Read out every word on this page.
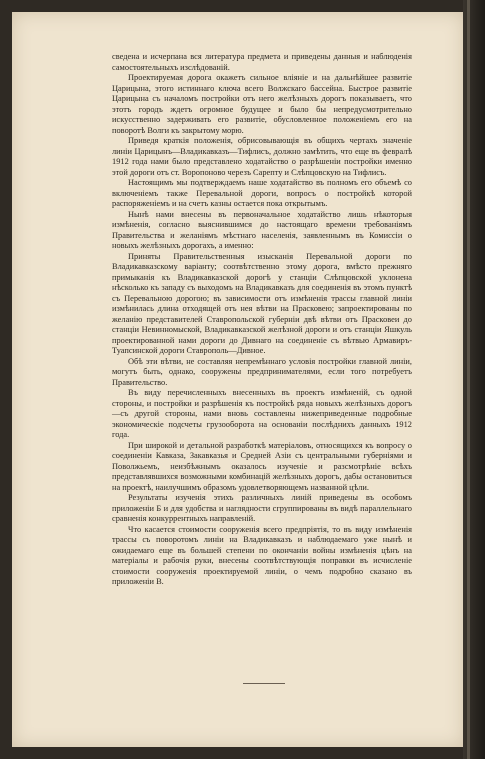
сведена и исчерпана вся литература предмета и приведены данныя и наблюденія самостоятельныхъ изслѣдованій.

Проектируемая дорога окажетъ сильное вліяніе и на дальнѣйшее развитіе Царицына, этого истиннаго ключа всего Волжскаго бассейна. Быстрое развитіе Царицына съ началомъ постройки отъ него желѣзныхъ дорогъ показываетъ, что этотъ городъ ждетъ огромное будущее и было бы непредусмотрительно искусственно задерживать его развитіе, обусловленное положеніемъ его на поворотѣ Волги къ закрытому морю.

Приведя краткія положенія, обрисовывающія въ общихъ чертахъ значеніе линіи Царицынъ—Владикавказъ—Тифлисъ, должно замѣтить, что еще въ февралѣ 1912 года нами было представлено ходатайство о разрѣшеніи постройки именно этой дороги отъ ст. Воропоново черезъ Сарепту и Слѣпцовскую на Тифлисъ.

Настоящимъ мы подтверждаемъ наше ходатайство въ полномъ его объемѣ со включеніемъ также Перевальной дороги, вопросъ о постройкѣ которой распоряженіемъ и на счетъ казны остается пока открытымъ.

Нынѣ нами внесены въ первоначальное ходатайство лишь нѣкоторыя измѣненія, согласно выяснившимся до настоящаго времени требованіямъ Правительства и желаніямъ мѣстнаго населенія, заявленнымъ въ Комиссіи о новыхъ желѣзныхъ дорогахъ, а именно:

Приняты Правительственныя изысканія Перевальной дороги по Владикавказскому варіанту; соотвѣтственно этому дорога, вмѣсто прежняго примыканія къ Владикавказской дорогѣ у станціи Слѣпцовской уклонена нѣсколько къ западу съ выходомъ на Владикавказъ для соединенія въ этомъ пунктѣ съ Перевальною дорогою; въ зависимости отъ измѣненія трассы главной линіи измѣнилась длина отходящей отъ нея вѣтви на Прасковею; запроектированы по желанію представителей Ставропольской губерніи двѣ вѣтви отъ Прасковеи до станціи Невинномыской, Владикавказской желѣзной дороги и отъ станціи Яшкуль проектированной нами дороги до Дивнаго на соединеніе съ вѣтвью Армавиръ-Туапсинской дороги Ставрополь—Дивное.

Обѣ эти вѣтви, не составляя непремѣннаго условія постройки главной линіи, могутъ быть, однако, сооружены предпринимателями, если того потребуетъ Правительство.

Въ виду перечисленныхъ внесенныхъ въ проектъ измѣненій, съ одной стороны, и постройки и разрѣшенія къ постройкѣ ряда новыхъ желѣзныхъ дорогъ—съ другой стороны, нами вновь составлены нижеприведенные подробные экономическіе подсчеты грузооборота на основаніи послѣднихъ данныхъ 1912 года.

При широкой и детальной разработкѣ матеріаловъ, относящихся къ вопросу о соединеніи Кавказа, Закавказья и Средней Азіи съ центральными губерніями и Поволжьемъ, неизбѣжнымъ оказалось изученіе и разсмотрѣніе всѣхъ представлявшихся возможными комбинацій желѣзныхъ дорогъ, дабы остановиться на проектѣ, наилучшимъ образомъ удовлетворяющемъ названной цѣли.

Результаты изученія этихъ различныхъ линій приведены въ особомъ приложеніи Б и для удобства и наглядности сгруппированы въ видѣ параллельнаго сравненія конкуррентныхъ направленій.

Что касается стоимости сооруженія всего предпріятія, то въ виду измѣненія трассы съ поворотомъ линіи на Владикавказъ и наблюдаемаго уже нынѣ и ожидаемаго еще въ большей степени по окончаніи войны измѣненія цѣнъ на матеріалы и рабочія руки, внесены соотвѣтствующія поправки въ исчисленіе стоимости сооруженія проектируемой линіи, о чемъ подробно сказано въ приложеніи В.
